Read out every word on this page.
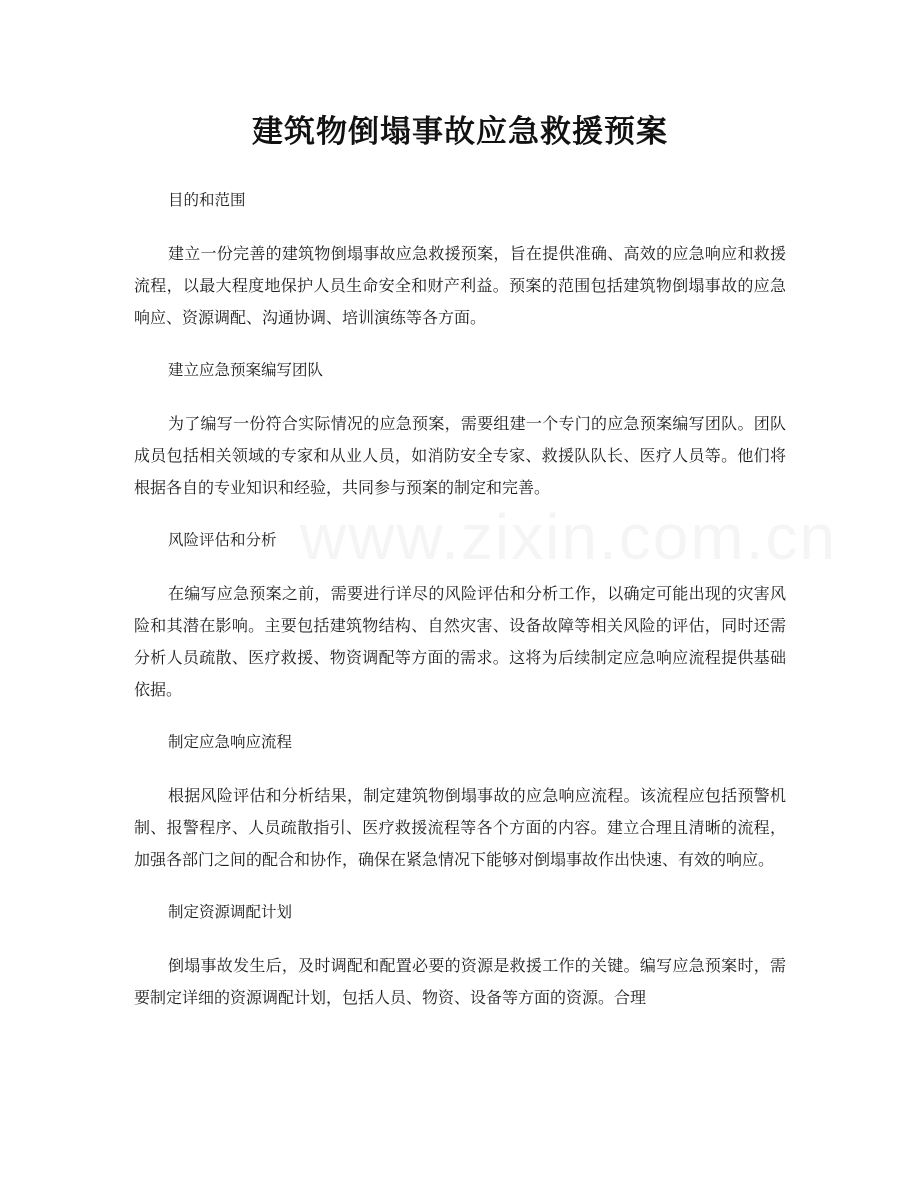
www.zixin.com.cn
建筑物倒塌事故应急救援预案

目的和范围

建立一份完善的建筑物倒塌事故应急救援预案，旨在提供准确、高效的应急响应和救援流程，以最大程度地保护人员生命安全和财产利益。预案的范围包括建筑物倒塌事故的应急响应、资源调配、沟通协调、培训演练等各方面。

建立应急预案编写团队

为了编写一份符合实际情况的应急预案，需要组建一个专门的应急预案编写团队。团队成员包括相关领域的专家和从业人员，如消防安全专家、救援队队长、医疗人员等。他们将根据各自的专业知识和经验，共同参与预案的制定和完善。

风险评估和分析

在编写应急预案之前，需要进行详尽的风险评估和分析工作，以确定可能出现的灾害风险和其潜在影响。主要包括建筑物结构、自然灾害、设备故障等相关风险的评估，同时还需分析人员疏散、医疗救援、物资调配等方面的需求。这将为后续制定应急响应流程提供基础依据。

制定应急响应流程

根据风险评估和分析结果，制定建筑物倒塌事故的应急响应流程。该流程应包括预警机制、报警程序、人员疏散指引、医疗救援流程等各个方面的内容。建立合理且清晰的流程，加强各部门之间的配合和协作，确保在紧急情况下能够对倒塌事故作出快速、有效的响应。

制定资源调配计划

倒塌事故发生后，及时调配和配置必要的资源是救援工作的关键。编写应急预案时，需要制定详细的资源调配计划，包括人员、物资、设备等方面的资源。合理
